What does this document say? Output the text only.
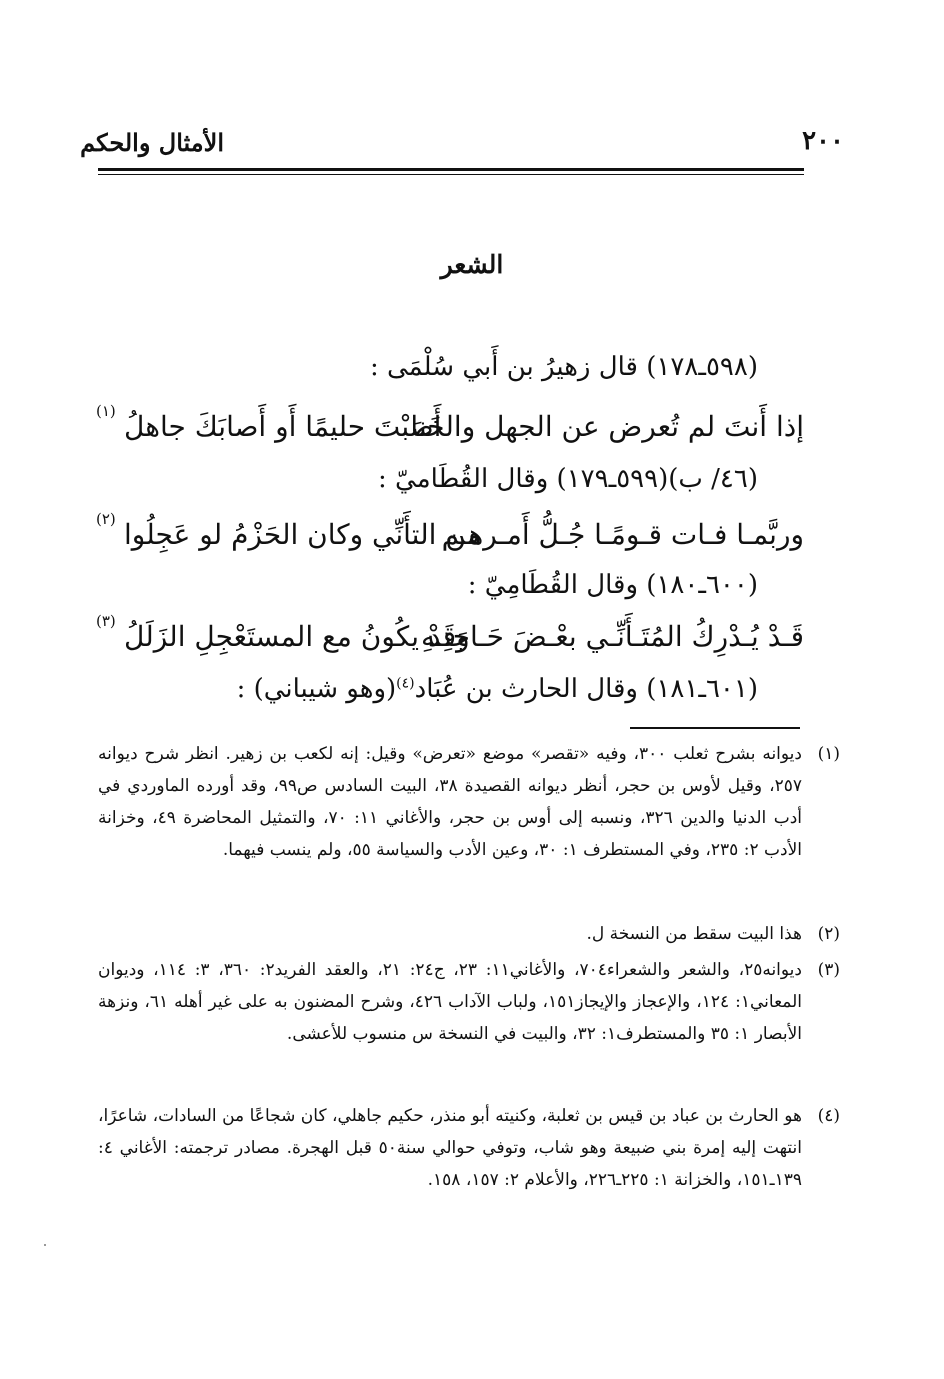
٢٠٠
الأمثال والحكم
الشعر
(٥٩٨ـ١٧٨) قال زهيرُ بن أَبي سُلْمَى :
إذا أَنتَ لم تُعرض عن الجهل والخَنا
أَصَبْتَ حليمًا أَو أَصابَكَ جاهلُ
(١)
(٤٦/ ب)(٥٩٩ـ١٧٩) وقال القُطَاميّ :
وربَّمـا فـات قـومًـا جُـلُّ أَمـرهـم
من التأَنِّي وكان الحَزْمُ لو عَجِلُوا
(٢)
(٦٠٠ـ١٨٠) وقال القُطَامِيّ :
قَـدْ يُـدْرِكُ المُتَـأَنِّـي بعْـضَ حَـاجتِـهِ
وَقَدْ يكُونُ مع المستَعْجِلِ الزَلَلُ
(٣)
(٦٠١ـ١٨١) وقال الحارث بن عُبَاد$^{(٤)}$(وهو شيباني) :
(١)
ديوانه بشرح ثعلب ٣٠٠، وفيه «تقصر» موضع «تعرض» وقيل: إنه لكعب بن زهير. انظر شرح ديوانه ٢٥٧، وقيل لأوس بن حجر، أنظر ديوانه القصيدة ٣٨، البيت السادس ص٩٩، وقد أورده الماوردي في أدب الدنيا والدين ٣٢٦، ونسبه إلى أوس بن حجر، والأغاني ١١: ٧٠، والتمثيل المحاضرة ٤٩، وخزانة الأدب ٢: ٢٣٥، وفي المستطرف ١: ٣٠، وعين الأدب والسياسة ٥٥، ولم ينسب فيهما.
(٢)
هذا البيت سقط من النسخة ل.
(٣)
ديوانه٢٥، والشعر والشعراء٧٠٤، والأغاني١١: ٢٣، ج٢٤: ٢١، والعقد الفريد٢: ٣٦٠، ٣: ١١٤، وديوان المعاني١: ١٢٤، والإعجاز والإيجاز١٥١، ولباب الآداب ٤٢٦، وشرح المضنون به على غير أهله ٦١، ونزهة الأبصار ١: ٣٥ والمستطرف١: ٣٢، والبيت في النسخة س منسوب للأعشى.
(٤)
هو الحارث بن عباد بن قيس بن ثعلبة، وكنيته أبو منذر، حكيم جاهلي، كان شجاعًا من السادات، شاعرًا، انتهت إليه إمرة بني ضبيعة وهو شاب، وتوفي حوالي سنة٥٠ قبل الهجرة. مصادر ترجمته: الأغاني ٤: ١٣٩ـ١٥١، والخزانة ١: ٢٢٥ـ٢٢٦، والأعلام ٢: ١٥٧، ١٥٨.
